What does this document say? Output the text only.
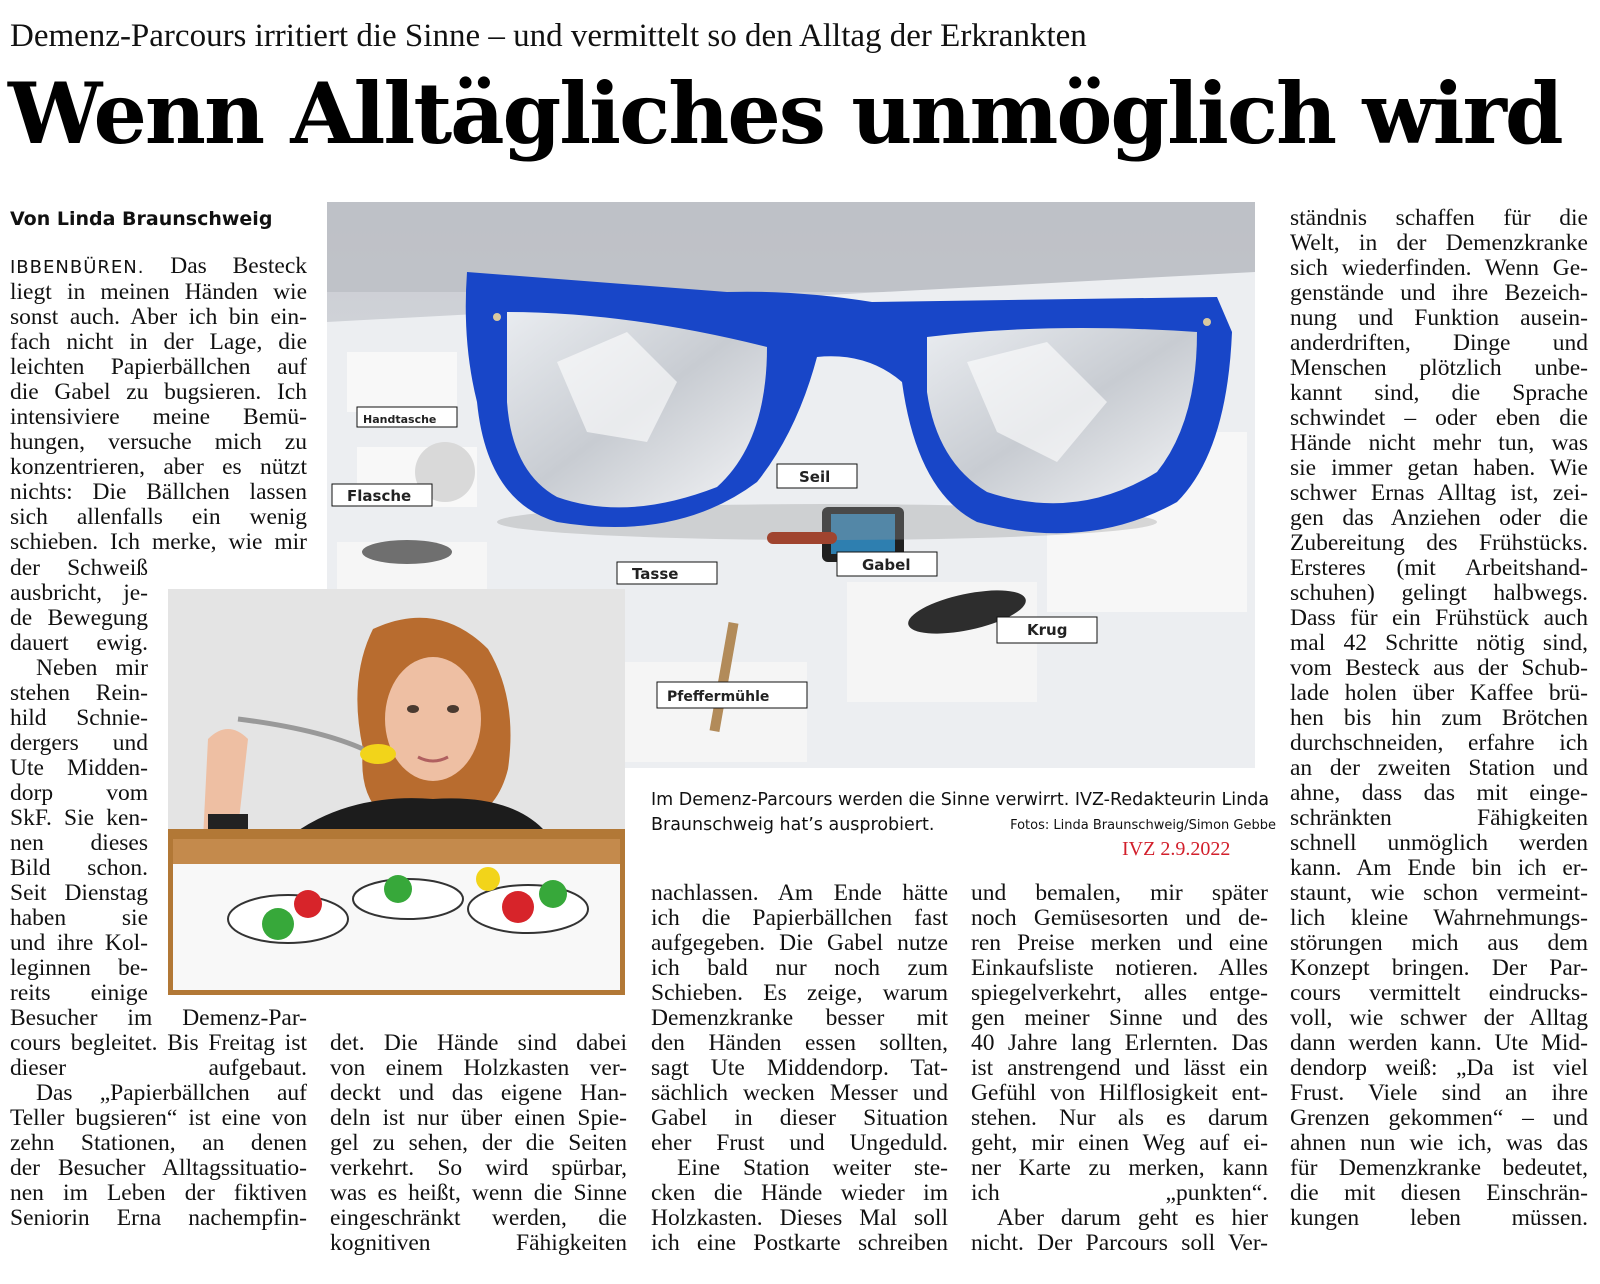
Demenz-Parcours irritiert die Sinne – und vermittelt so den Alltag der Erkrankten
Wenn Alltägliches unmöglich wird
Von Linda Braunschweig
Flasche
Seil
Gabel
Handtasche
Tasse
Pfeffermühle
Krug
Im Demenz-Parcours werden die Sinne verwirrt. IVZ-Redakteurin Linda
Braunschweig hat’s ausprobiert.	Fotos: Linda Braunschweig/Simon Gebbe
IVZ 2.9.2022

IBBENBÜREN. Das Besteck

liegt in meinen Händen wie

sonst auch. Aber ich bin ein-

fach nicht in der Lage, die

leichten Papierbällchen auf

die Gabel zu bugsieren. Ich

intensiviere meine Bemü-

hungen, versuche mich zu

konzentrieren, aber es nützt

nichts: Die Bällchen lassen

sich allenfalls ein wenig

schieben. Ich merke, wie mir

der Schweiß

ausbricht, je-

de Bewegung

dauert ewig.

Neben mir

stehen Rein-

hild Schnie-

dergers und

Ute Midden-

dorp vom

SkF. Sie ken-

nen dieses

Bild schon.

Seit Dienstag

haben sie

und ihre Kol-

leginnen be-

reits einige

Besucher im Demenz-Par-

cours begleitet. Bis Freitag ist

dieser aufgebaut.

Das „Papierbällchen auf

Teller bugsieren“ ist eine von

zehn Stationen, an denen

der Besucher Alltagssituatio-

nen im Leben der fiktiven

Seniorin Erna nachempfin-

det. Die Hände sind dabei

von einem Holzkasten ver-

deckt und das eigene Han-

deln ist nur über einen Spie-

gel zu sehen, der die Seiten

verkehrt. So wird spürbar,

was es heißt, wenn die Sinne

eingeschränkt werden, die

kognitiven Fähigkeiten

nachlassen. Am Ende hätte

ich die Papierbällchen fast

aufgegeben. Die Gabel nutze

ich bald nur noch zum

Schieben. Es zeige, warum

Demenzkranke besser mit

den Händen essen sollten,

sagt Ute Middendorp. Tat-

sächlich wecken Messer und

Gabel in dieser Situation

eher Frust und Ungeduld.

Eine Station weiter ste-

cken die Hände wieder im

Holzkasten. Dieses Mal soll

ich eine Postkarte schreiben

und bemalen, mir später

noch Gemüsesorten und de-

ren Preise merken und eine

Einkaufsliste notieren. Alles

spiegelverkehrt, alles entge-

gen meiner Sinne und des

40 Jahre lang Erlernten. Das

ist anstrengend und lässt ein

Gefühl von Hilflosigkeit ent-

stehen. Nur als es darum

geht, mir einen Weg auf ei-

ner Karte zu merken, kann

ich „punkten“.

Aber darum geht es hier

nicht. Der Parcours soll Ver-

ständnis schaffen für die

Welt, in der Demenzkranke

sich wiederfinden. Wenn Ge-

genstände und ihre Bezeich-

nung und Funktion ausein-

anderdriften, Dinge und

Menschen plötzlich unbe-

kannt sind, die Sprache

schwindet – oder eben die

Hände nicht mehr tun, was

sie immer getan haben. Wie

schwer Ernas Alltag ist, zei-

gen das Anziehen oder die

Zubereitung des Frühstücks.

Ersteres (mit Arbeitshand-

schuhen) gelingt halbwegs.

Dass für ein Frühstück auch

mal 42 Schritte nötig sind,

vom Besteck aus der Schub-

lade holen über Kaffee brü-

hen bis hin zum Brötchen

durchschneiden, erfahre ich

an der zweiten Station und

ahne, dass das mit einge-

schränkten Fähigkeiten

schnell unmöglich werden

kann. Am Ende bin ich er-

staunt, wie schon vermeint-

lich kleine Wahrnehmungs-

störungen mich aus dem

Konzept bringen. Der Par-

cours vermittelt eindrucks-

voll, wie schwer der Alltag

dann werden kann. Ute Mid-

dendorp weiß: „Da ist viel

Frust. Viele sind an ihre

Grenzen gekommen“ – und

ahnen nun wie ich, was das

für Demenzkranke bedeutet,

die mit diesen Einschrän-

kungen leben müssen.
